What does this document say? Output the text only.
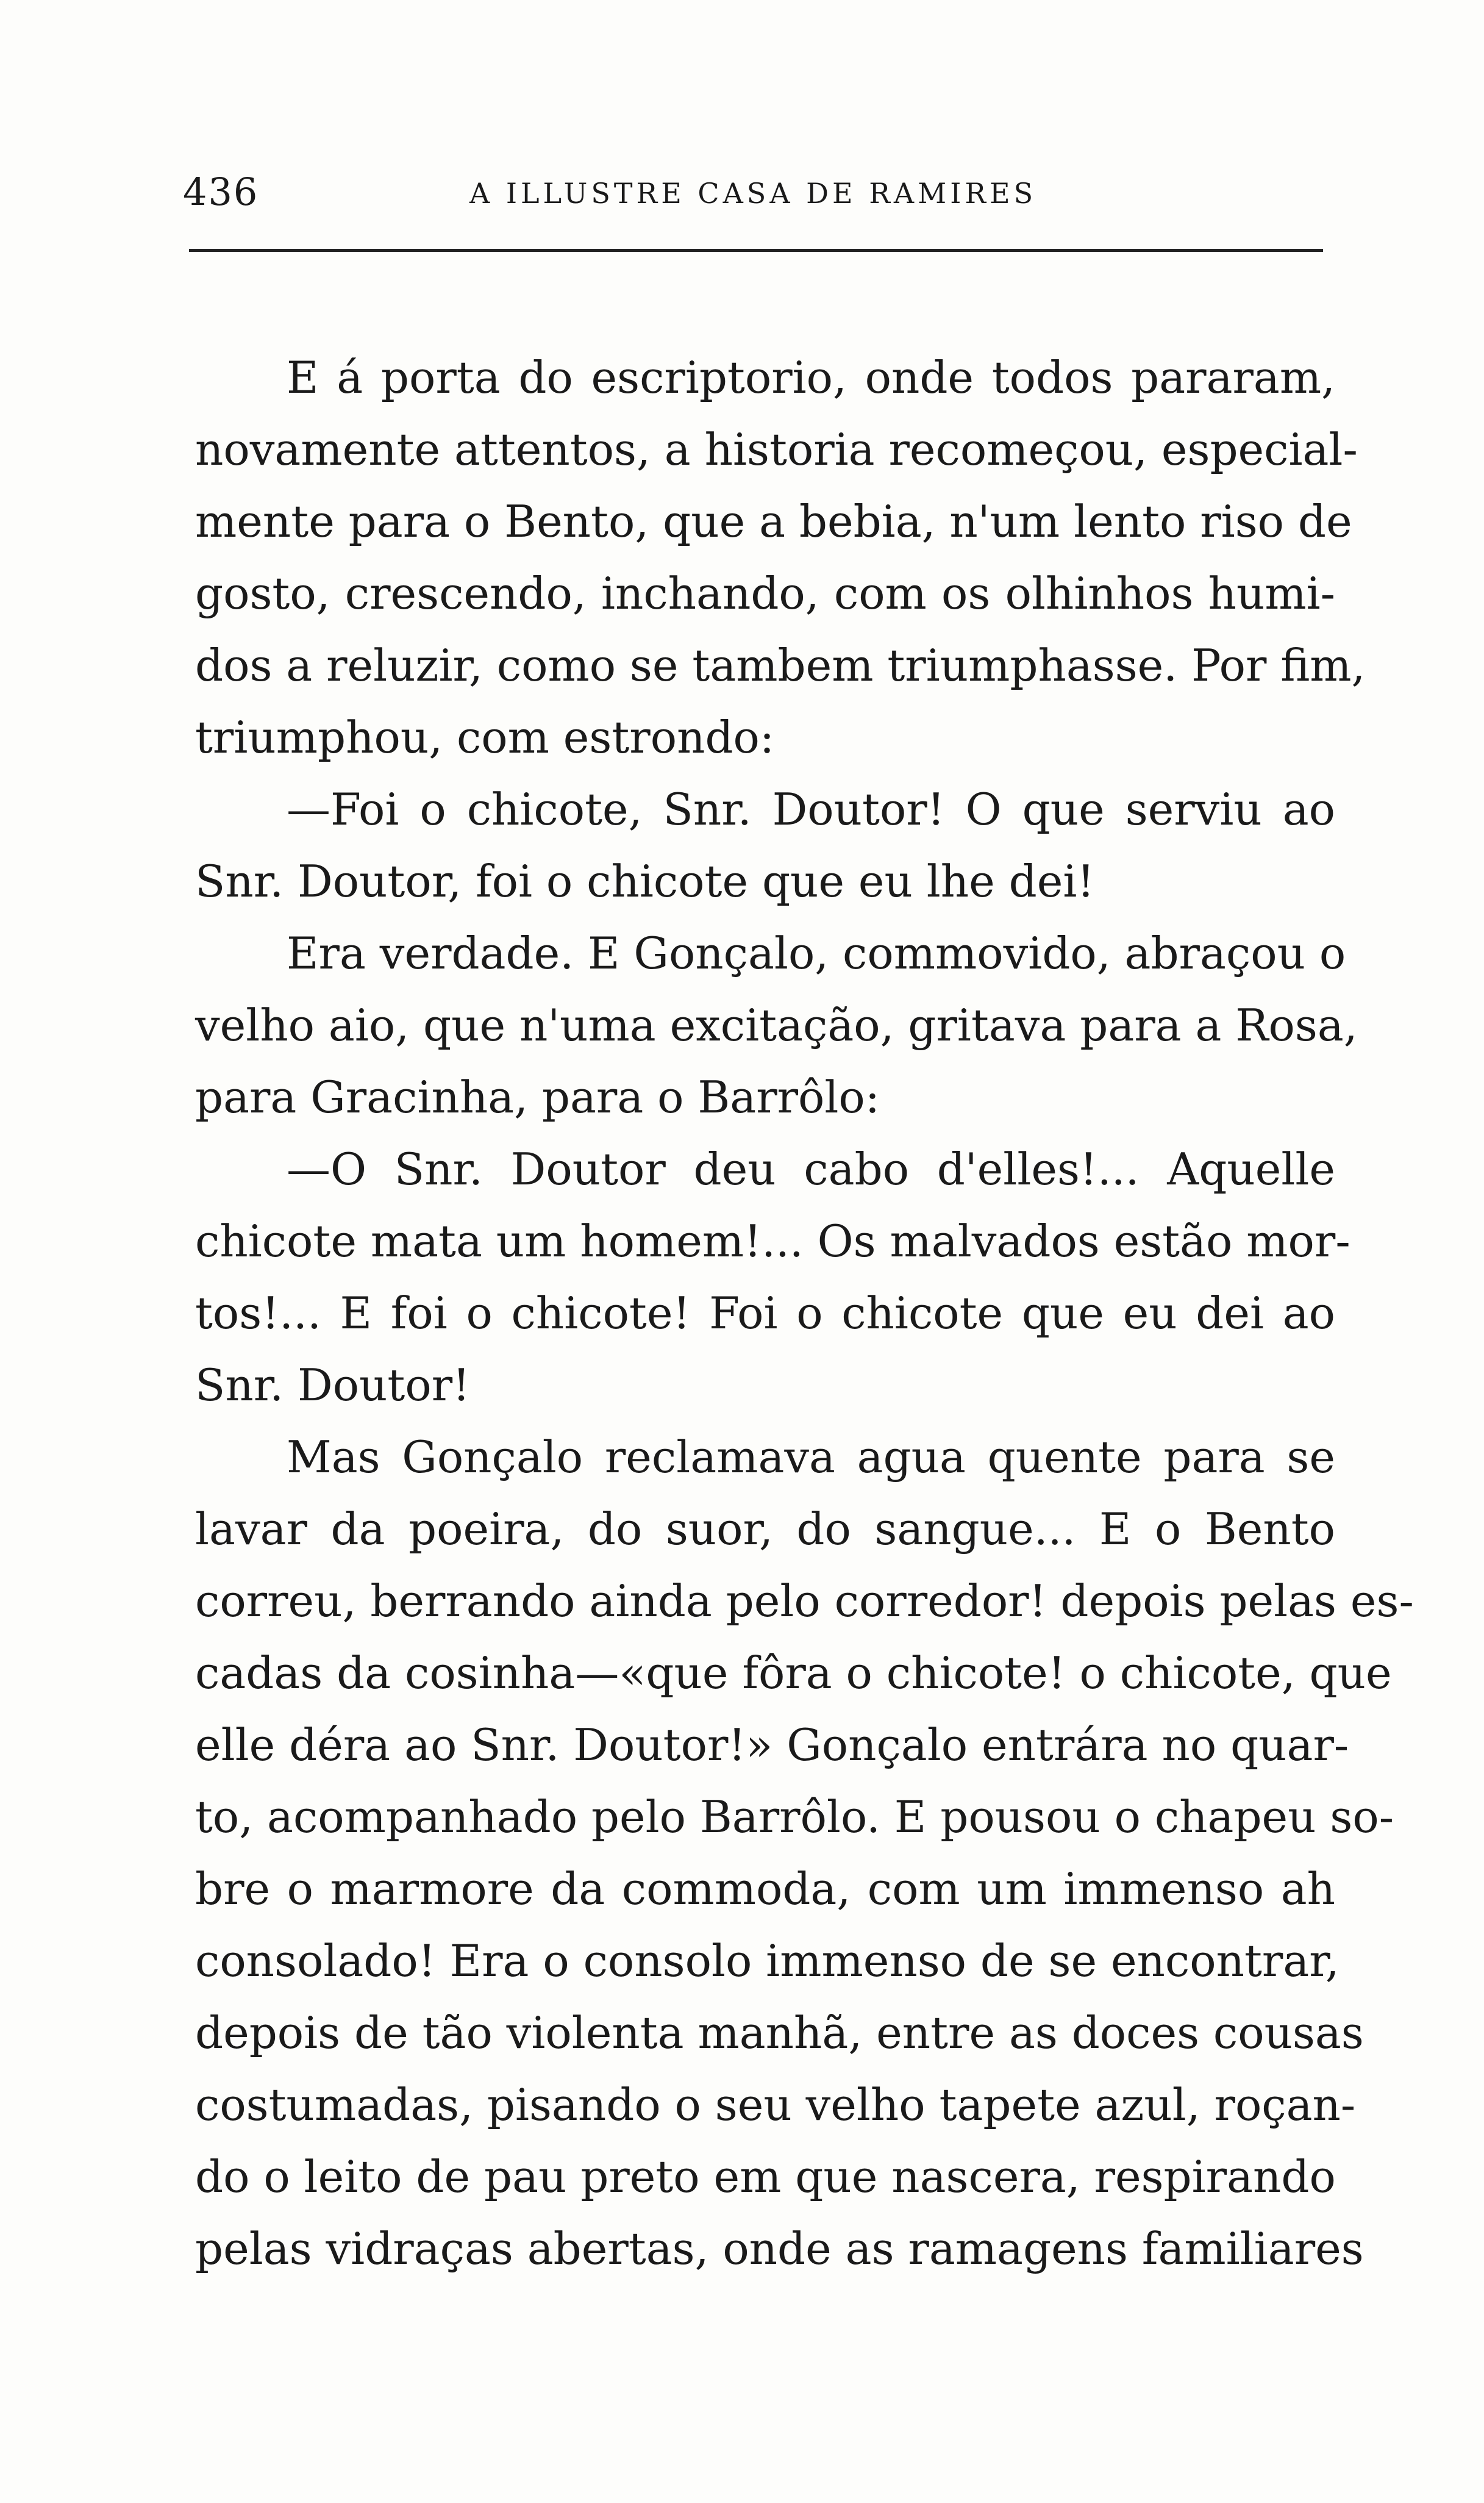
436	A ILLUSTRE CASA DE RAMIRES
E á porta do escriptorio, onde todos pararam,
novamente attentos, a historia recomeçou, especial-
mente para o Bento, que a bebia, n'um lento riso de
gosto, crescendo, inchando, com os olhinhos humi-
dos a reluzir, como se tambem triumphasse. Por fim,
triumphou, com estrondo:
—Foi o chicote, Snr. Doutor! O que serviu ao
Snr. Doutor, foi o chicote que eu lhe dei!
Era verdade. E Gonçalo, commovido, abraçou o
velho aio, que n'uma excitação, gritava para a Rosa,
para Gracinha, para o Barrôlo:
—O Snr. Doutor deu cabo d'elles!... Aquelle
chicote mata um homem!... Os malvados estão mor-
tos!... E foi o chicote! Foi o chicote que eu dei ao
Snr. Doutor!
Mas Gonçalo reclamava agua quente para se
lavar da poeira, do suor, do sangue... E o Bento
correu, berrando ainda pelo corredor! depois pelas es-
cadas da cosinha—«que fôra o chicote! o chicote, que
elle déra ao Snr. Doutor!» Gonçalo entrára no quar-
to, acompanhado pelo Barrôlo. E pousou o chapeu so-
bre o marmore da commoda, com um immenso ah
consolado! Era o consolo immenso de se encontrar,
depois de tão violenta manhã, entre as doces cousas
costumadas, pisando o seu velho tapete azul, roçan-
do o leito de pau preto em que nascera, respirando
pelas vidraças abertas, onde as ramagens familiares
